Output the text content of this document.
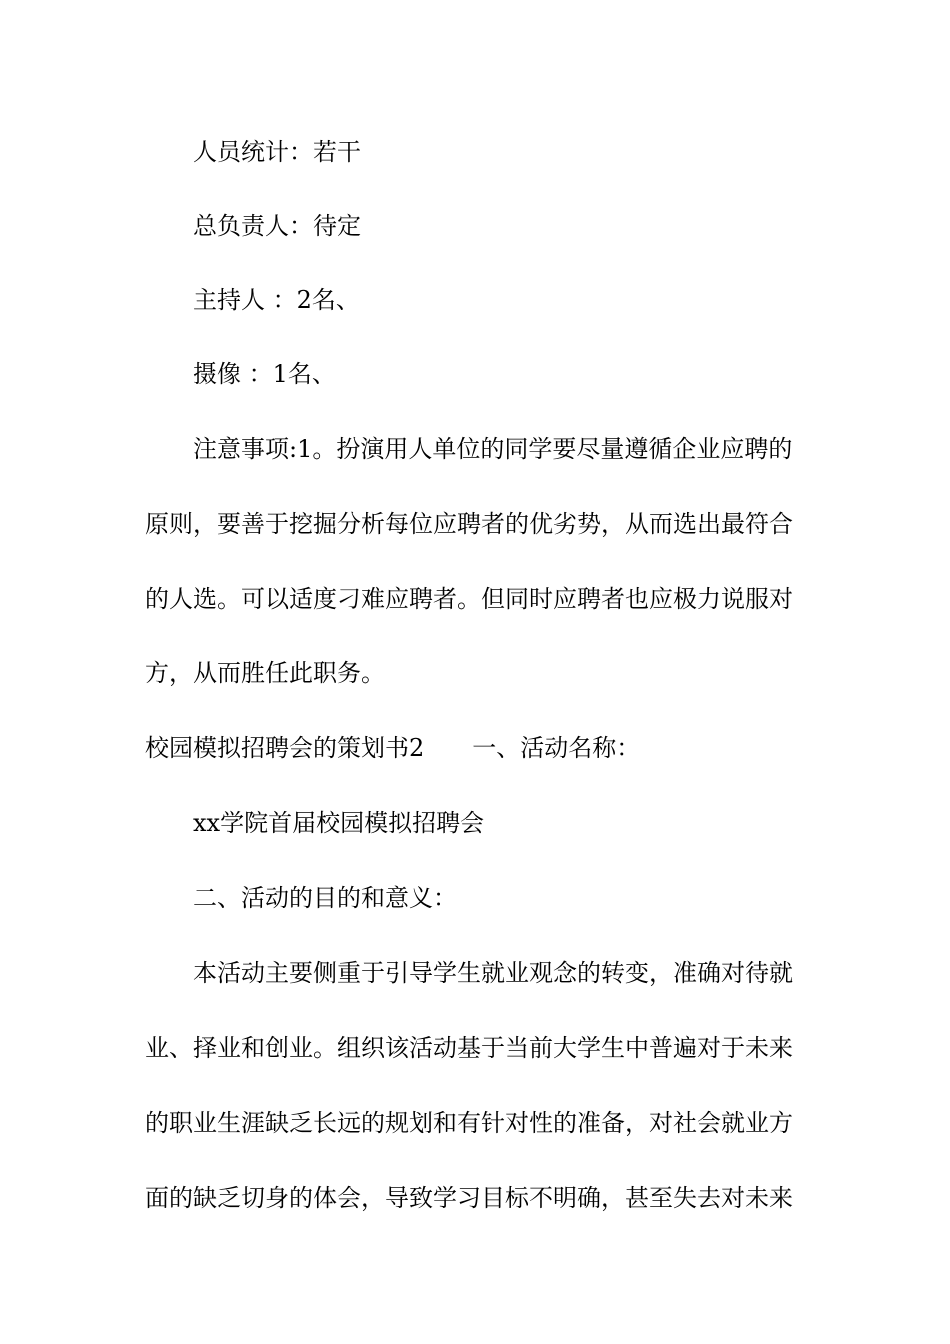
人员统计：若干
总负责人：待定
主持人 ：2名、
摄像 ：1名、
注意事项:1。扮演用人单位的同学要尽量遵循企业应聘的
原则，要善于挖掘分析每位应聘者的优劣势，从而选出最符合
的人选。可以适度刁难应聘者。但同时应聘者也应极力说服对
方，从而胜任此职务。
校园模拟招聘会的策划书2　　一、活动名称：
xx学院首届校园模拟招聘会
二、活动的目的和意义：
本活动主要侧重于引导学生就业观念的转变，准确对待就
业、择业和创业。组织该活动基于当前大学生中普遍对于未来
的职业生涯缺乏长远的规划和有针对性的准备，对社会就业方
面的缺乏切身的体会，导致学习目标不明确，甚至失去对未来
